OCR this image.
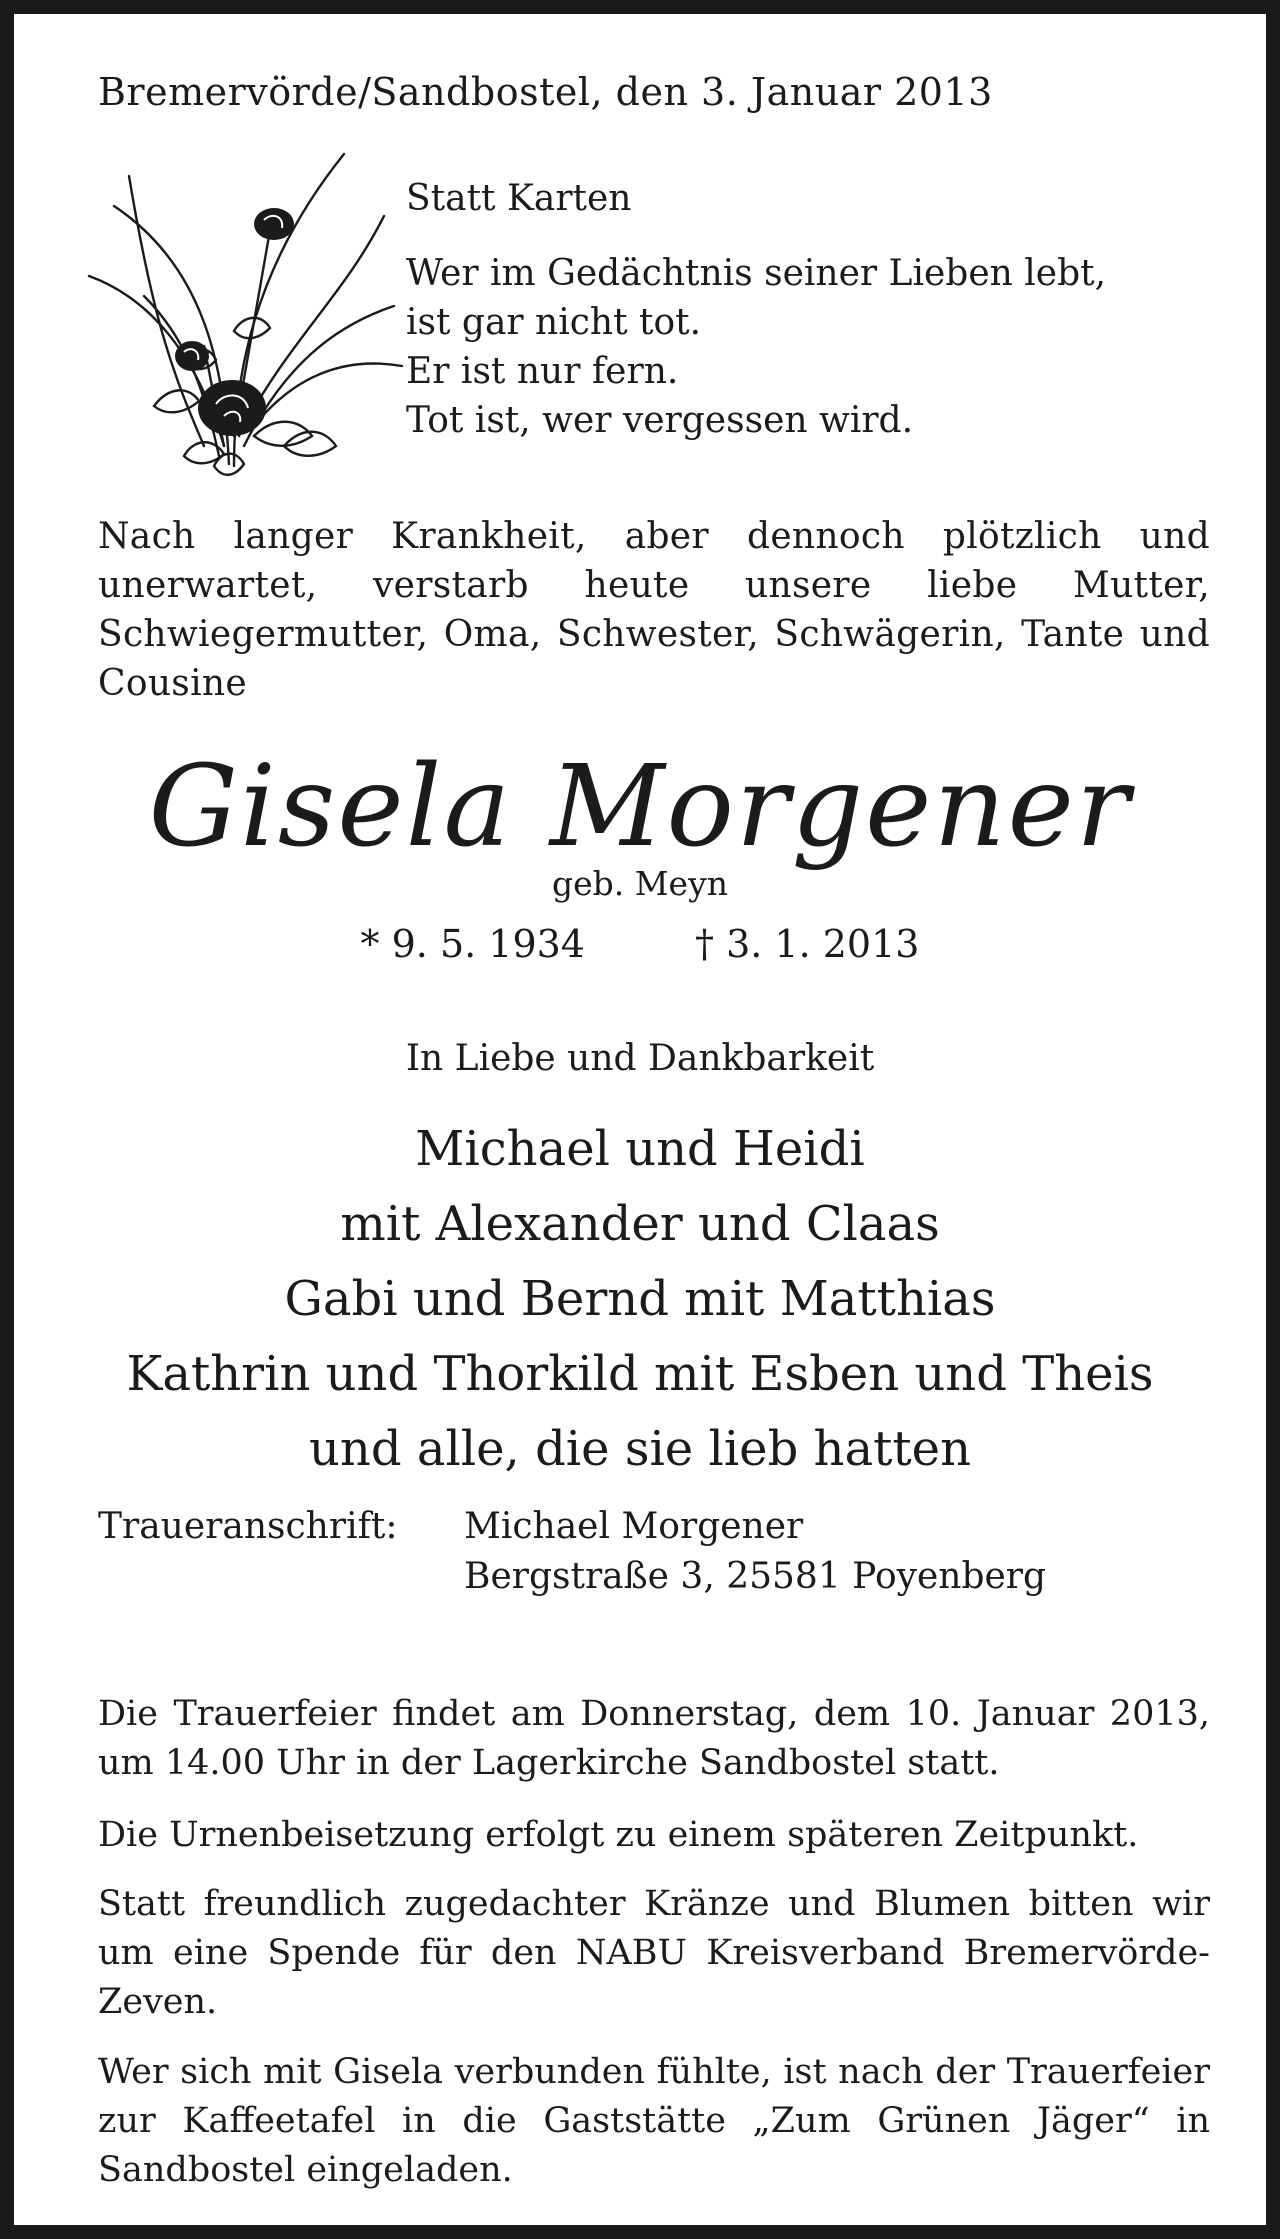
Bremervörde/Sandbostel, den 3. Januar 2013
Statt Karten
Wer im Gedächtnis seiner Lieben lebt,
ist gar nicht tot.
Er ist nur fern.
Tot ist, wer vergessen wird.
Nach langer Krankheit, aber dennoch plötzlich und unerwartet, verstarb heute unsere liebe Mutter, Schwiegermutter, Oma, Schwester, Schwägerin, Tante und Cousine
Gisela Morgener
geb. Meyn
* 9. 5. 1934	† 3. 1. 2013
In Liebe und Dankbarkeit
Michael und Heidi
mit Alexander und Claas
Gabi und Bernd mit Matthias
Kathrin und Thorkild mit Esben und Theis
und alle, die sie lieb hatten
Traueranschrift: Michael Morgener
Bergstraße 3, 25581 Poyenberg
Die Trauerfeier findet am Donnerstag, dem 10. Januar 2013, um 14.00 Uhr in der Lagerkirche Sandbostel statt.
Die Urnenbeisetzung erfolgt zu einem späteren Zeitpunkt.
Statt freundlich zugedachter Kränze und Blumen bitten wir um eine Spende für den NABU Kreisverband Bremervörde-Zeven.
Wer sich mit Gisela verbunden fühlte, ist nach der Trauerfeier zur Kaffeetafel in die Gaststätte „Zum Grünen Jäger“ in Sandbostel eingeladen.
